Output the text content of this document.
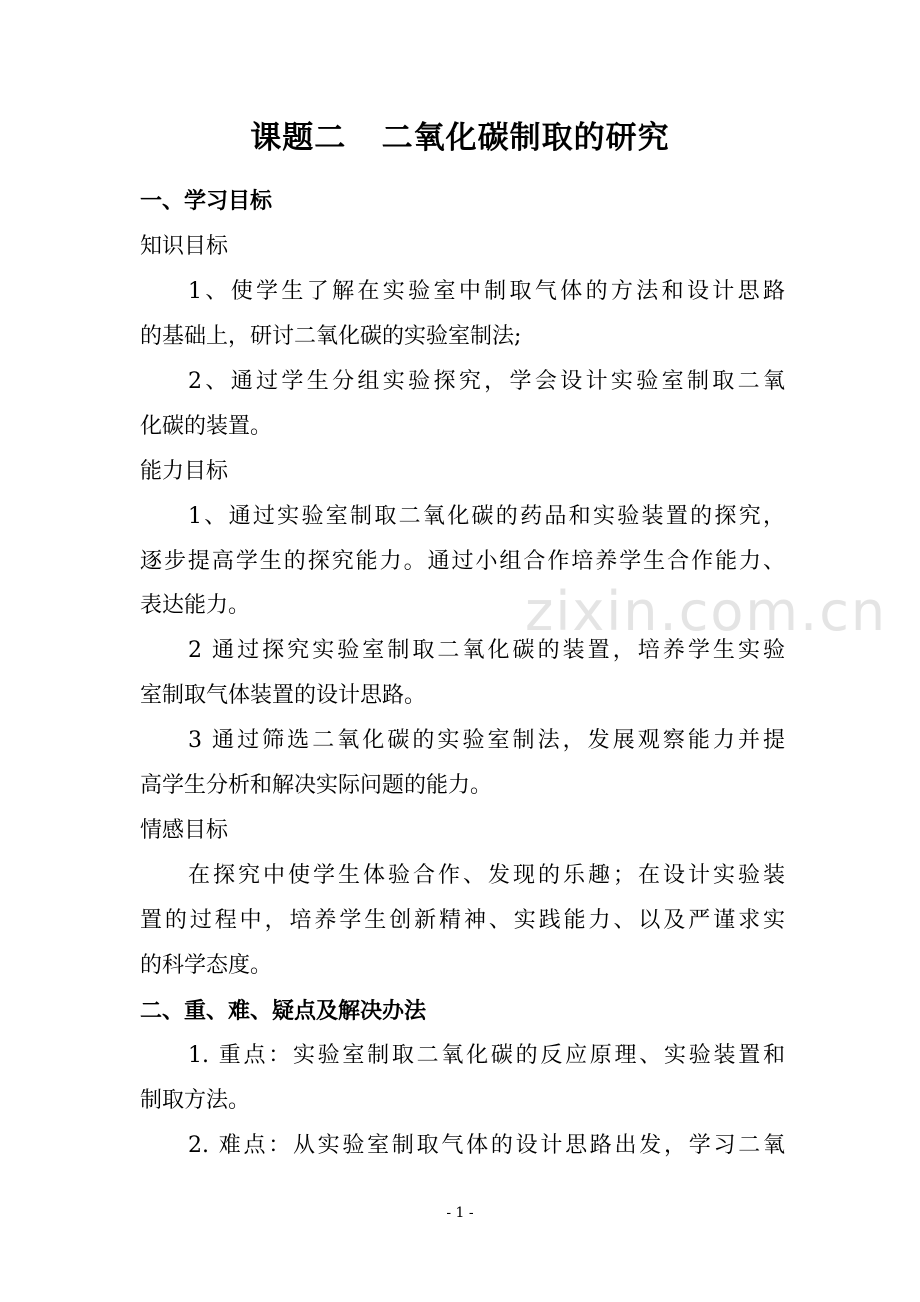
zixin.com.cn
课题二   二氧化碳制取的研究
一、学习目标
知识目标
1、使学生了解在实验室中制取气体的方法和设计思路
的基础上，研讨二氧化碳的实验室制法;
2、通过学生分组实验探究，学会设计实验室制取二氧
化碳的装置。
能力目标
1、通过实验室制取二氧化碳的药品和实验装置的探究，
逐步提高学生的探究能力。通过小组合作培养学生合作能力、
表达能力。
2 通过探究实验室制取二氧化碳的装置，培养学生实验
室制取气体装置的设计思路。
3 通过筛选二氧化碳的实验室制法，发展观察能力并提
高学生分析和解决实际问题的能力。
情感目标
在探究中使学生体验合作、发现的乐趣；在设计实验装
置的过程中，培养学生创新精神、实践能力、以及严谨求实
的科学态度。
二、重、难、疑点及解决办法
1. 重点：实验室制取二氧化碳的反应原理、实验装置和
制取方法。
2. 难点：从实验室制取气体的设计思路出发，学习二氧
- 1 -
